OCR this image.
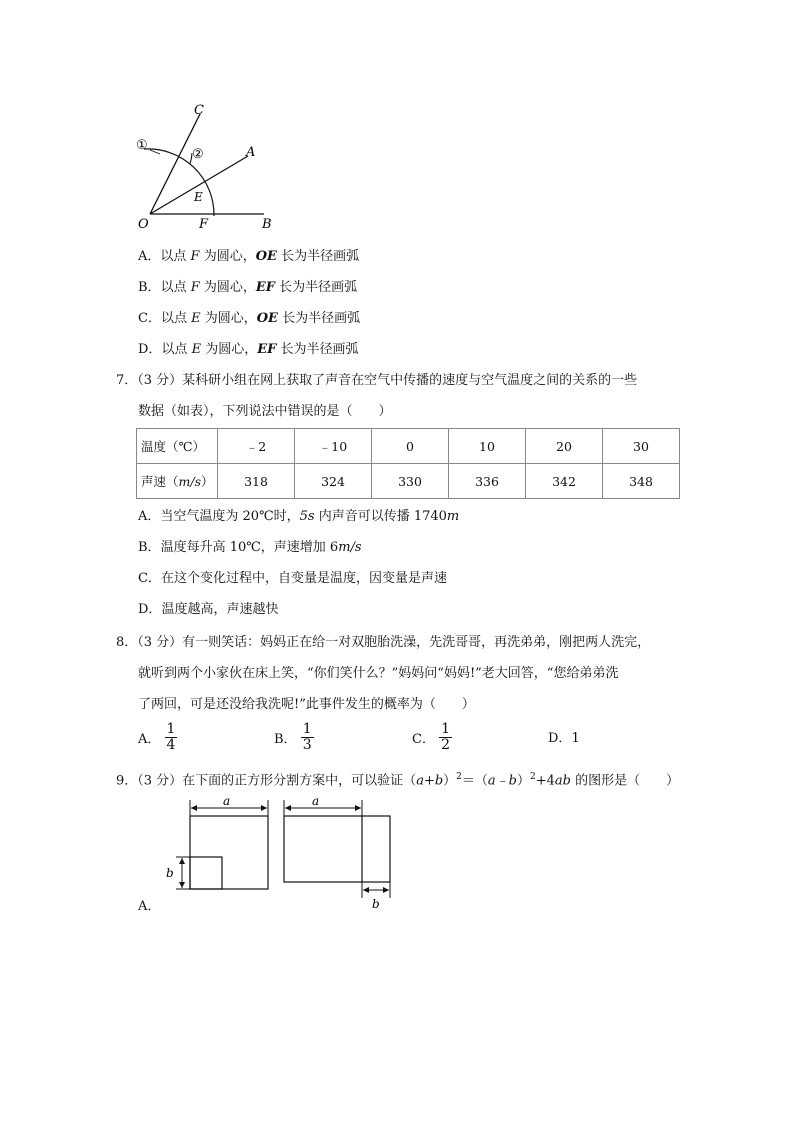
C
A
E
O	F	B
①
②
A．以点 F 为圆心，OE 长为半径画弧
B．以点 F 为圆心，EF 长为半径画弧
C．以点 E 为圆心，OE 长为半径画弧
D．以点 E 为圆心，EF 长为半径画弧
7．（3 分）某科研小组在网上获取了声音在空气中传播的速度与空气温度之间的关系的一些
数据（如表），下列说法中错误的是（　　）
温度（℃）	﹣2	﹣10	0	10	20	30
声速（m/s）	318	324	330	336	342	348
A．当空气温度为 20℃时，5s 内声音可以传播 1740m
B．温度每升高 10℃，声速增加 6m/s
C．在这个变化过程中，自变量是温度，因变量是声速
D．温度越高，声速越快
8．（3 分）有一则笑话：妈妈正在给一对双胞胎洗澡，先洗哥哥，再洗弟弟，刚把两人洗完，
就听到两个小家伙在床上笑，“你们笑什么？”妈妈问“妈妈!”老大回答，“您给弟弟洗
了两回，可是还没给我洗呢!”此事件发生的概率为（　　）
A． $\frac{1}{4}$	B． $\frac{1}{3}$	C． $\frac{1}{2}$	D．1
9．（3 分）在下面的正方形分割方案中，可以验证$(a+b)^2=(a﹣b)^2+4ab$ 的图形是（　　）
a
b
a
b
A．
